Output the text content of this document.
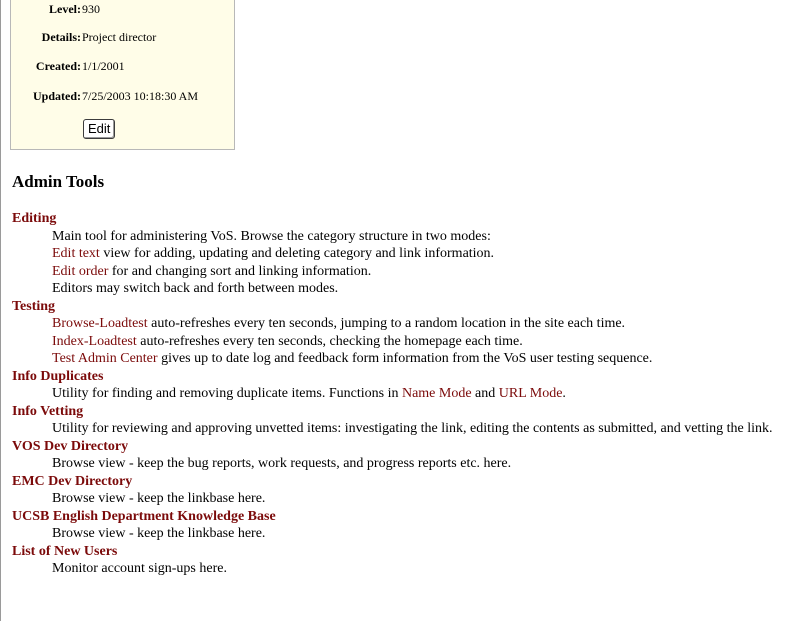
Level: 930
Details: Project director
Created: 1/1/2001
Updated: 7/25/2003 10:18:30 AM
Edit
Admin Tools
Editing
Main tool for administering VoS. Browse the category structure in two modes:
Edit text view for adding, updating and deleting category and link information.
Edit order for and changing sort and linking information.
Editors may switch back and forth between modes.
Testing
Browse-Loadtest auto-refreshes every ten seconds, jumping to a random location in the site each time.
Index-Loadtest auto-refreshes every ten seconds, checking the homepage each time.
Test Admin Center gives up to date log and feedback form information from the VoS user testing sequence.
Info Duplicates
Utility for finding and removing duplicate items. Functions in Name Mode and URL Mode.
Info Vetting
Utility for reviewing and approving unvetted items: investigating the link, editing the contents as submitted, and vetting the link.
VOS Dev Directory
Browse view - keep the bug reports, work requests, and progress reports etc. here.
EMC Dev Directory
Browse view - keep the linkbase here.
UCSB English Department Knowledge Base
Browse view - keep the linkbase here.
List of New Users
Monitor account sign-ups here.
